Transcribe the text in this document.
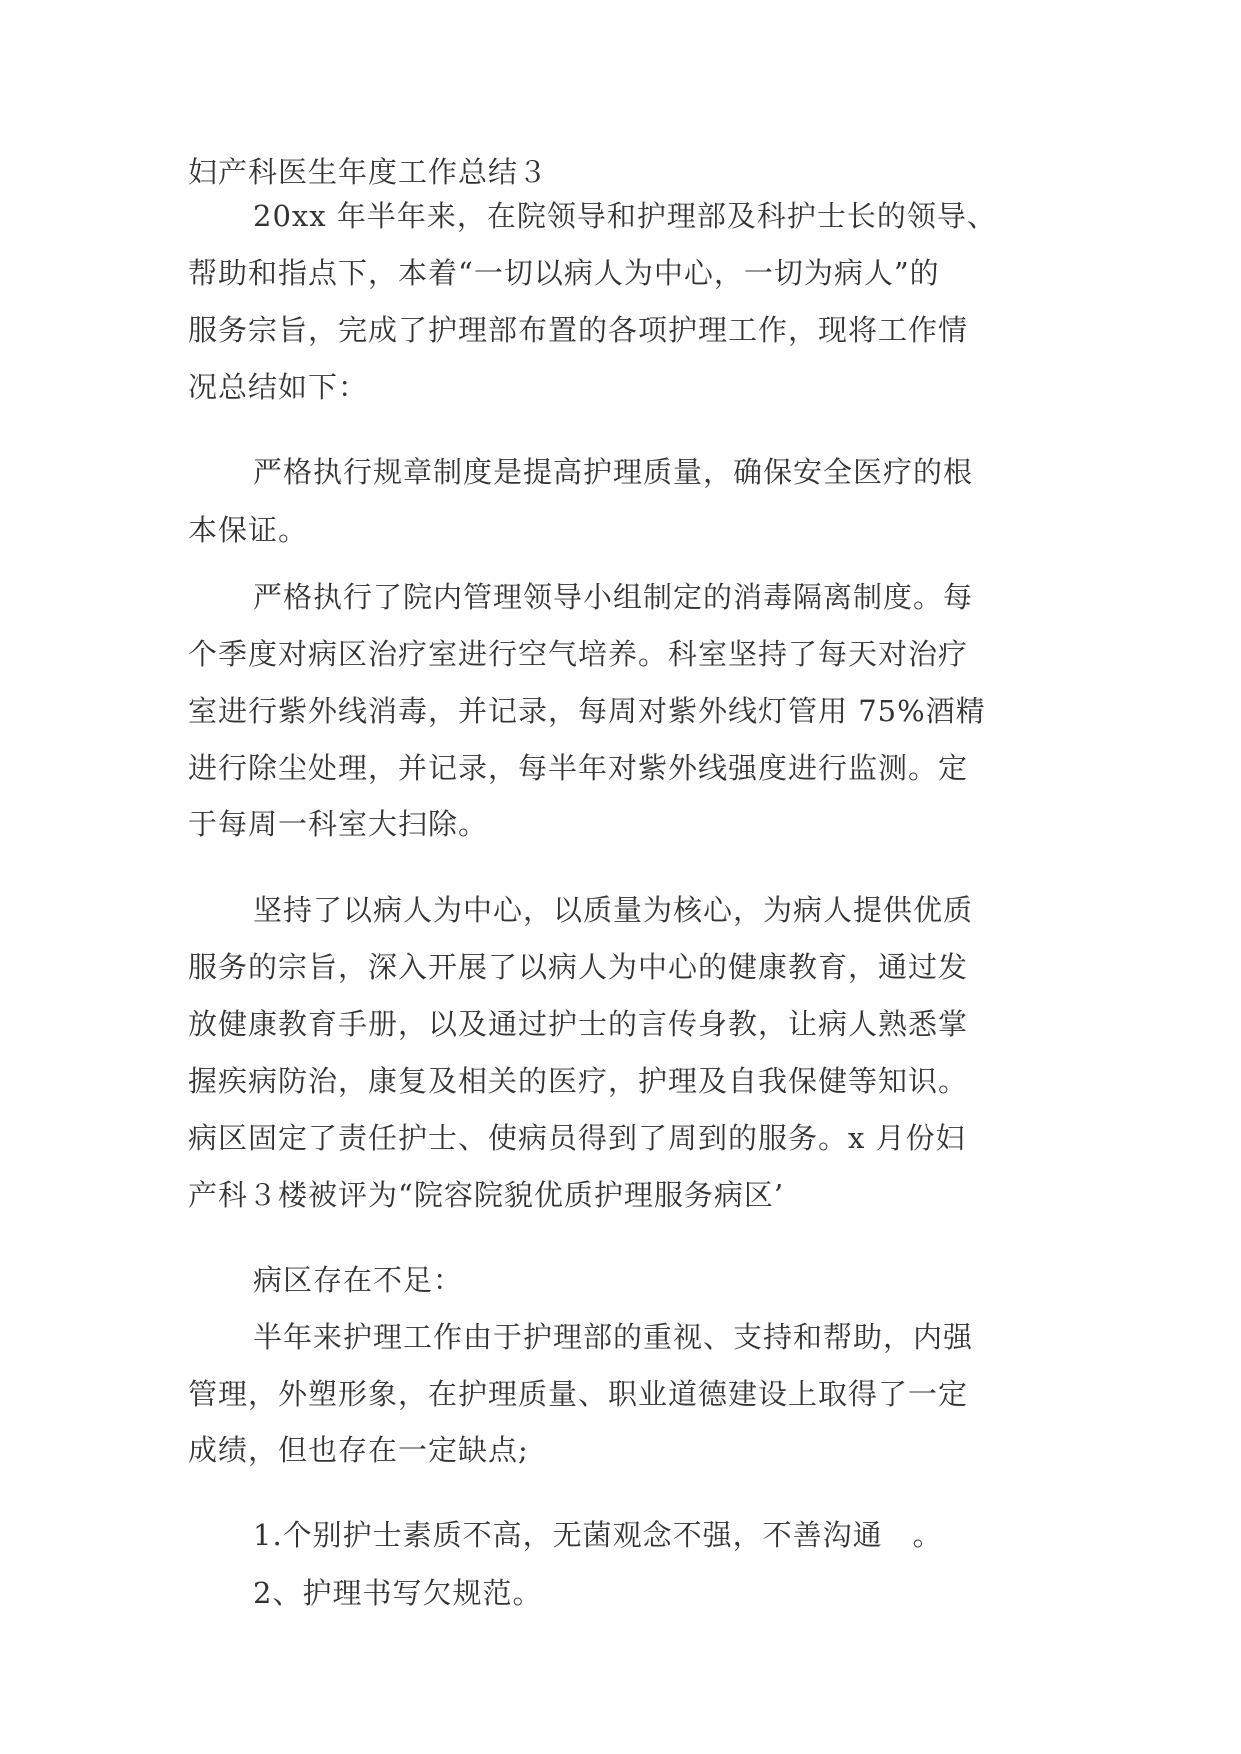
妇产科医生年度工作总结３
20xx 年半年来，在院领导和护理部及科护士长的领导、
帮助和指点下，本着“一切以病人为中心，一切为病人”的
服务宗旨，完成了护理部布置的各项护理工作，现将工作情
况总结如下：
严格执行规章制度是提高护理质量，确保安全医疗的根
本保证。
严格执行了院内管理领导小组制定的消毒隔离制度。每
个季度对病区治疗室进行空气培养。科室坚持了每天对治疗
室进行紫外线消毒，并记录，每周对紫外线灯管用 75%酒精
进行除尘处理，并记录，每半年对紫外线强度进行监测。定
于每周一科室大扫除。
坚持了以病人为中心，以质量为核心，为病人提供优质
服务的宗旨，深入开展了以病人为中心的健康教育，通过发
放健康教育手册，以及通过护士的言传身教，让病人熟悉掌
握疾病防治，康复及相关的医疗，护理及自我保健等知识。
病区固定了责任护士、使病员得到了周到的服务。x 月份妇
产科３楼被评为“院容院貌优质护理服务病区’
病区存在不足：
半年来护理工作由于护理部的重视、支持和帮助，内强
管理，外塑形象，在护理质量、职业道德建设上取得了一定
成绩，但也存在一定缺点;
1.个别护士素质不高，无菌观念不强，不善沟通　。
2、护理书写欠规范。
